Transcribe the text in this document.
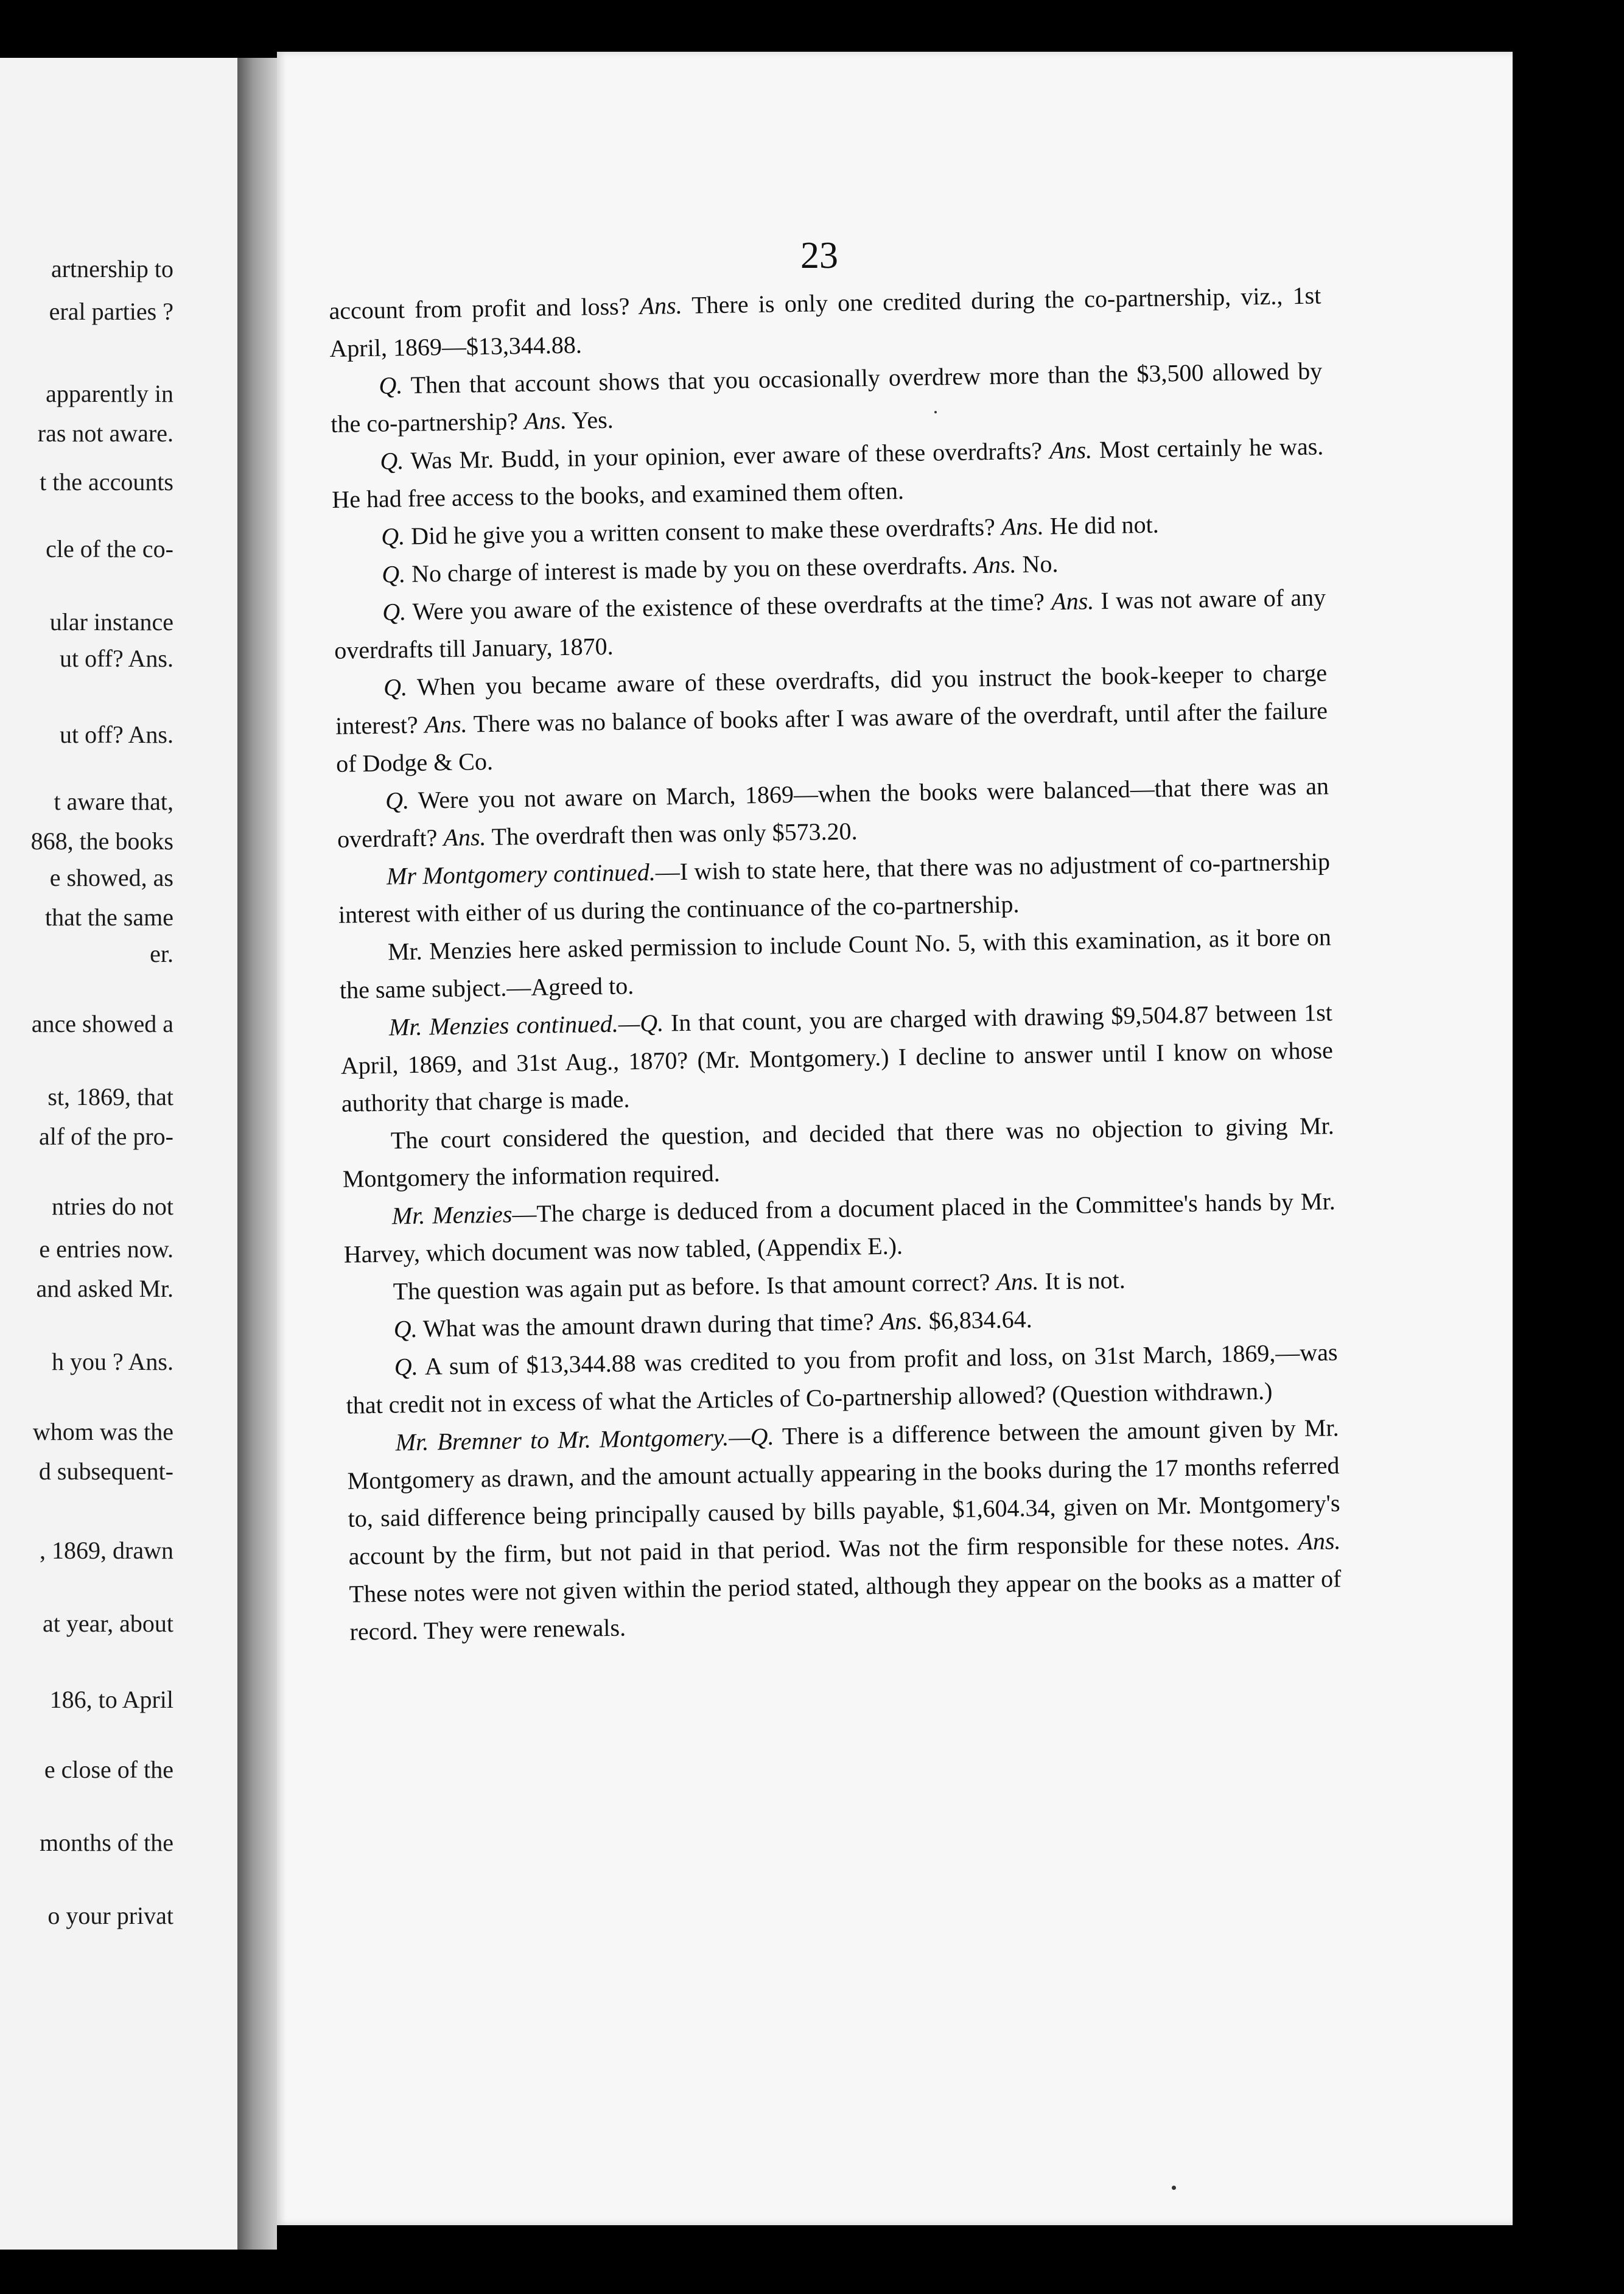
artnership to
eral parties ?
apparently in
ras not aware.
t the accounts
cle of the co-
ular instance
ut off? Ans.
ut off? Ans.
t aware that,
868, the books
e showed, as
that the same
er.
ance showed a
st, 1869, that
alf of the pro-
ntries do not
e entries now.
and asked Mr.
h you ? Ans.
whom was the
d subsequent-
, 1869, drawn
at year, about
186, to April
e close of the
months of the
o your privat
23

account from profit and loss? Ans. There is only one credited during the co-partnership, viz., 1st April, 1869—$13,344.88.

Q. Then that account shows that you occasionally overdrew more than the $3,500 allowed by the co-partnership? Ans. Yes.

Q. Was Mr. Budd, in your opinion, ever aware of these overdrafts? Ans. Most certainly he was. He had free access to the books, and examined them often.

Q. Did he give you a written consent to make these overdrafts? Ans. He did not.

Q. No charge of interest is made by you on these overdrafts. Ans. No.

Q. Were you aware of the existence of these overdrafts at the time? Ans. I was not aware of any overdrafts till January, 1870.

Q. When you became aware of these overdrafts, did you instruct the book-keeper to charge interest? Ans. There was no balance of books after I was aware of the overdraft, until after the failure of Dodge & Co.

Q. Were you not aware on March, 1869—when the books were balanced—that there was an overdraft? Ans. The overdraft then was only $573.20.

Mr Montgomery continued.—I wish to state here, that there was no adjustment of co-partnership interest with either of us during the continuance of the co-partnership.

Mr. Menzies here asked permission to include Count No. 5, with this examination, as it bore on the same subject.—Agreed to.

Mr. Menzies continued.—Q. In that count, you are charged with drawing $9,504.87 between 1st April, 1869, and 31st Aug., 1870? (Mr. Montgomery.) I decline to answer until I know on whose authority that charge is made.

The court considered the question, and decided that there was no objection to giving Mr. Montgomery the information required.

Mr. Menzies—The charge is deduced from a document placed in the Committee's hands by Mr. Harvey, which document was now tabled, (Appendix E.).

The question was again put as before. Is that amount correct? Ans. It is not.

Q. What was the amount drawn during that time? Ans. $6,834.64.

Q. A sum of $13,344.88 was credited to you from profit and loss, on 31st March, 1869,—was that credit not in excess of what the Articles of Co-partnership allowed? (Question withdrawn.)

Mr. Bremner to Mr. Montgomery.—Q. There is a difference between the amount given by Mr. Montgomery as drawn, and the amount actually appearing in the books during the 17 months referred to, said difference being principally caused by bills payable, $1,604.34, given on Mr. Montgomery's account by the firm, but not paid in that period. Was not the firm responsible for these notes. Ans. These notes were not given within the period stated, although they appear on the books as a matter of record. They were renewals.
